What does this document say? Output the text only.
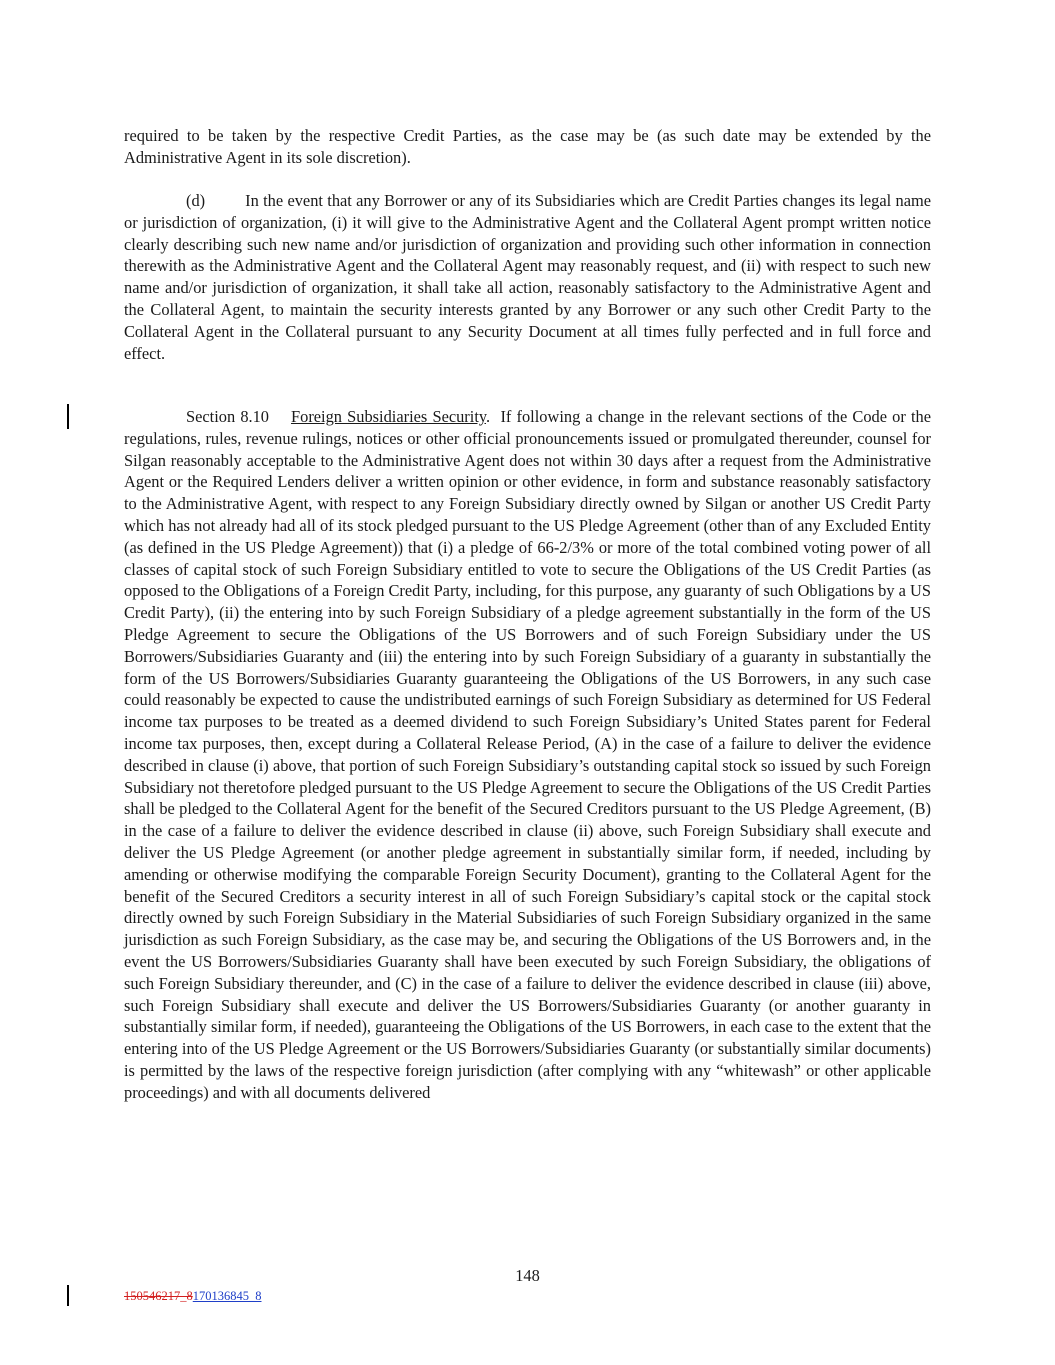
required to be taken by the respective Credit Parties, as the case may be (as such date may be extended by the Administrative Agent in its sole discretion).

(d) In the event that any Borrower or any of its Subsidiaries which are Credit Parties changes its legal name or jurisdiction of organization, (i) it will give to the Administrative Agent and the Collateral Agent prompt written notice clearly describing such new name and/or jurisdiction of organization and providing such other information in connection therewith as the Administrative Agent and the Collateral Agent may reasonably request, and (ii) with respect to such new name and/or jurisdiction of organization, it shall take all action, reasonably satisfactory to the Administrative Agent and the Collateral Agent, to maintain the security interests granted by any Borrower or any such other Credit Party to the Collateral Agent in the Collateral pursuant to any Security Document at all times fully perfected and in full force and effect.

Section 8.10 Foreign Subsidiaries Security. If following a change in the relevant sections of the Code or the regulations, rules, revenue rulings, notices or other official pronouncements issued or promulgated thereunder, counsel for Silgan reasonably acceptable to the Administrative Agent does not within 30 days after a request from the Administrative Agent or the Required Lenders deliver a written opinion or other evidence, in form and substance reasonably satisfactory to the Administrative Agent, with respect to any Foreign Subsidiary directly owned by Silgan or another US Credit Party which has not already had all of its stock pledged pursuant to the US Pledge Agreement (other than of any Excluded Entity (as defined in the US Pledge Agreement)) that (i) a pledge of 66-2/3% or more of the total combined voting power of all classes of capital stock of such Foreign Subsidiary entitled to vote to secure the Obligations of the US Credit Parties (as opposed to the Obligations of a Foreign Credit Party, including, for this purpose, any guaranty of such Obligations by a US Credit Party), (ii) the entering into by such Foreign Subsidiary of a pledge agreement substantially in the form of the US Pledge Agreement to secure the Obligations of the US Borrowers and of such Foreign Subsidiary under the US Borrowers/Subsidiaries Guaranty and (iii) the entering into by such Foreign Subsidiary of a guaranty in substantially the form of the US Borrowers/Subsidiaries Guaranty guaranteeing the Obligations of the US Borrowers, in any such case could reasonably be expected to cause the undistributed earnings of such Foreign Subsidiary as determined for US Federal income tax purposes to be treated as a deemed dividend to such Foreign Subsidiary’s United States parent for Federal income tax purposes, then, except during a Collateral Release Period, (A) in the case of a failure to deliver the evidence described in clause (i) above, that portion of such Foreign Subsidiary’s outstanding capital stock so issued by such Foreign Subsidiary not theretofore pledged pursuant to the US Pledge Agreement to secure the Obligations of the US Credit Parties shall be pledged to the Collateral Agent for the benefit of the Secured Creditors pursuant to the US Pledge Agreement, (B) in the case of a failure to deliver the evidence described in clause (ii) above, such Foreign Subsidiary shall execute and deliver the US Pledge Agreement (or another pledge agreement in substantially similar form, if needed, including by amending or otherwise modifying the comparable Foreign Security Document), granting to the Collateral Agent for the benefit of the Secured Creditors a security interest in all of such Foreign Subsidiary’s capital stock or the capital stock directly owned by such Foreign Subsidiary in the Material Subsidiaries of such Foreign Subsidiary organized in the same jurisdiction as such Foreign Subsidiary, as the case may be, and securing the Obligations of the US Borrowers and, in the event the US Borrowers/Subsidiaries Guaranty shall have been executed by such Foreign Subsidiary, the obligations of such Foreign Subsidiary thereunder, and (C) in the case of a failure to deliver the evidence described in clause (iii) above, such Foreign Subsidiary shall execute and deliver the US Borrowers/Subsidiaries Guaranty (or another guaranty in substantially similar form, if needed), guaranteeing the Obligations of the US Borrowers, in each case to the extent that the entering into of the US Pledge Agreement or the US Borrowers/Subsidiaries Guaranty (or substantially similar documents) is permitted by the laws of the respective foreign jurisdiction (after complying with any “whitewash” or other applicable proceedings) and with all documents delivered

148
150546217_8170136845_8
